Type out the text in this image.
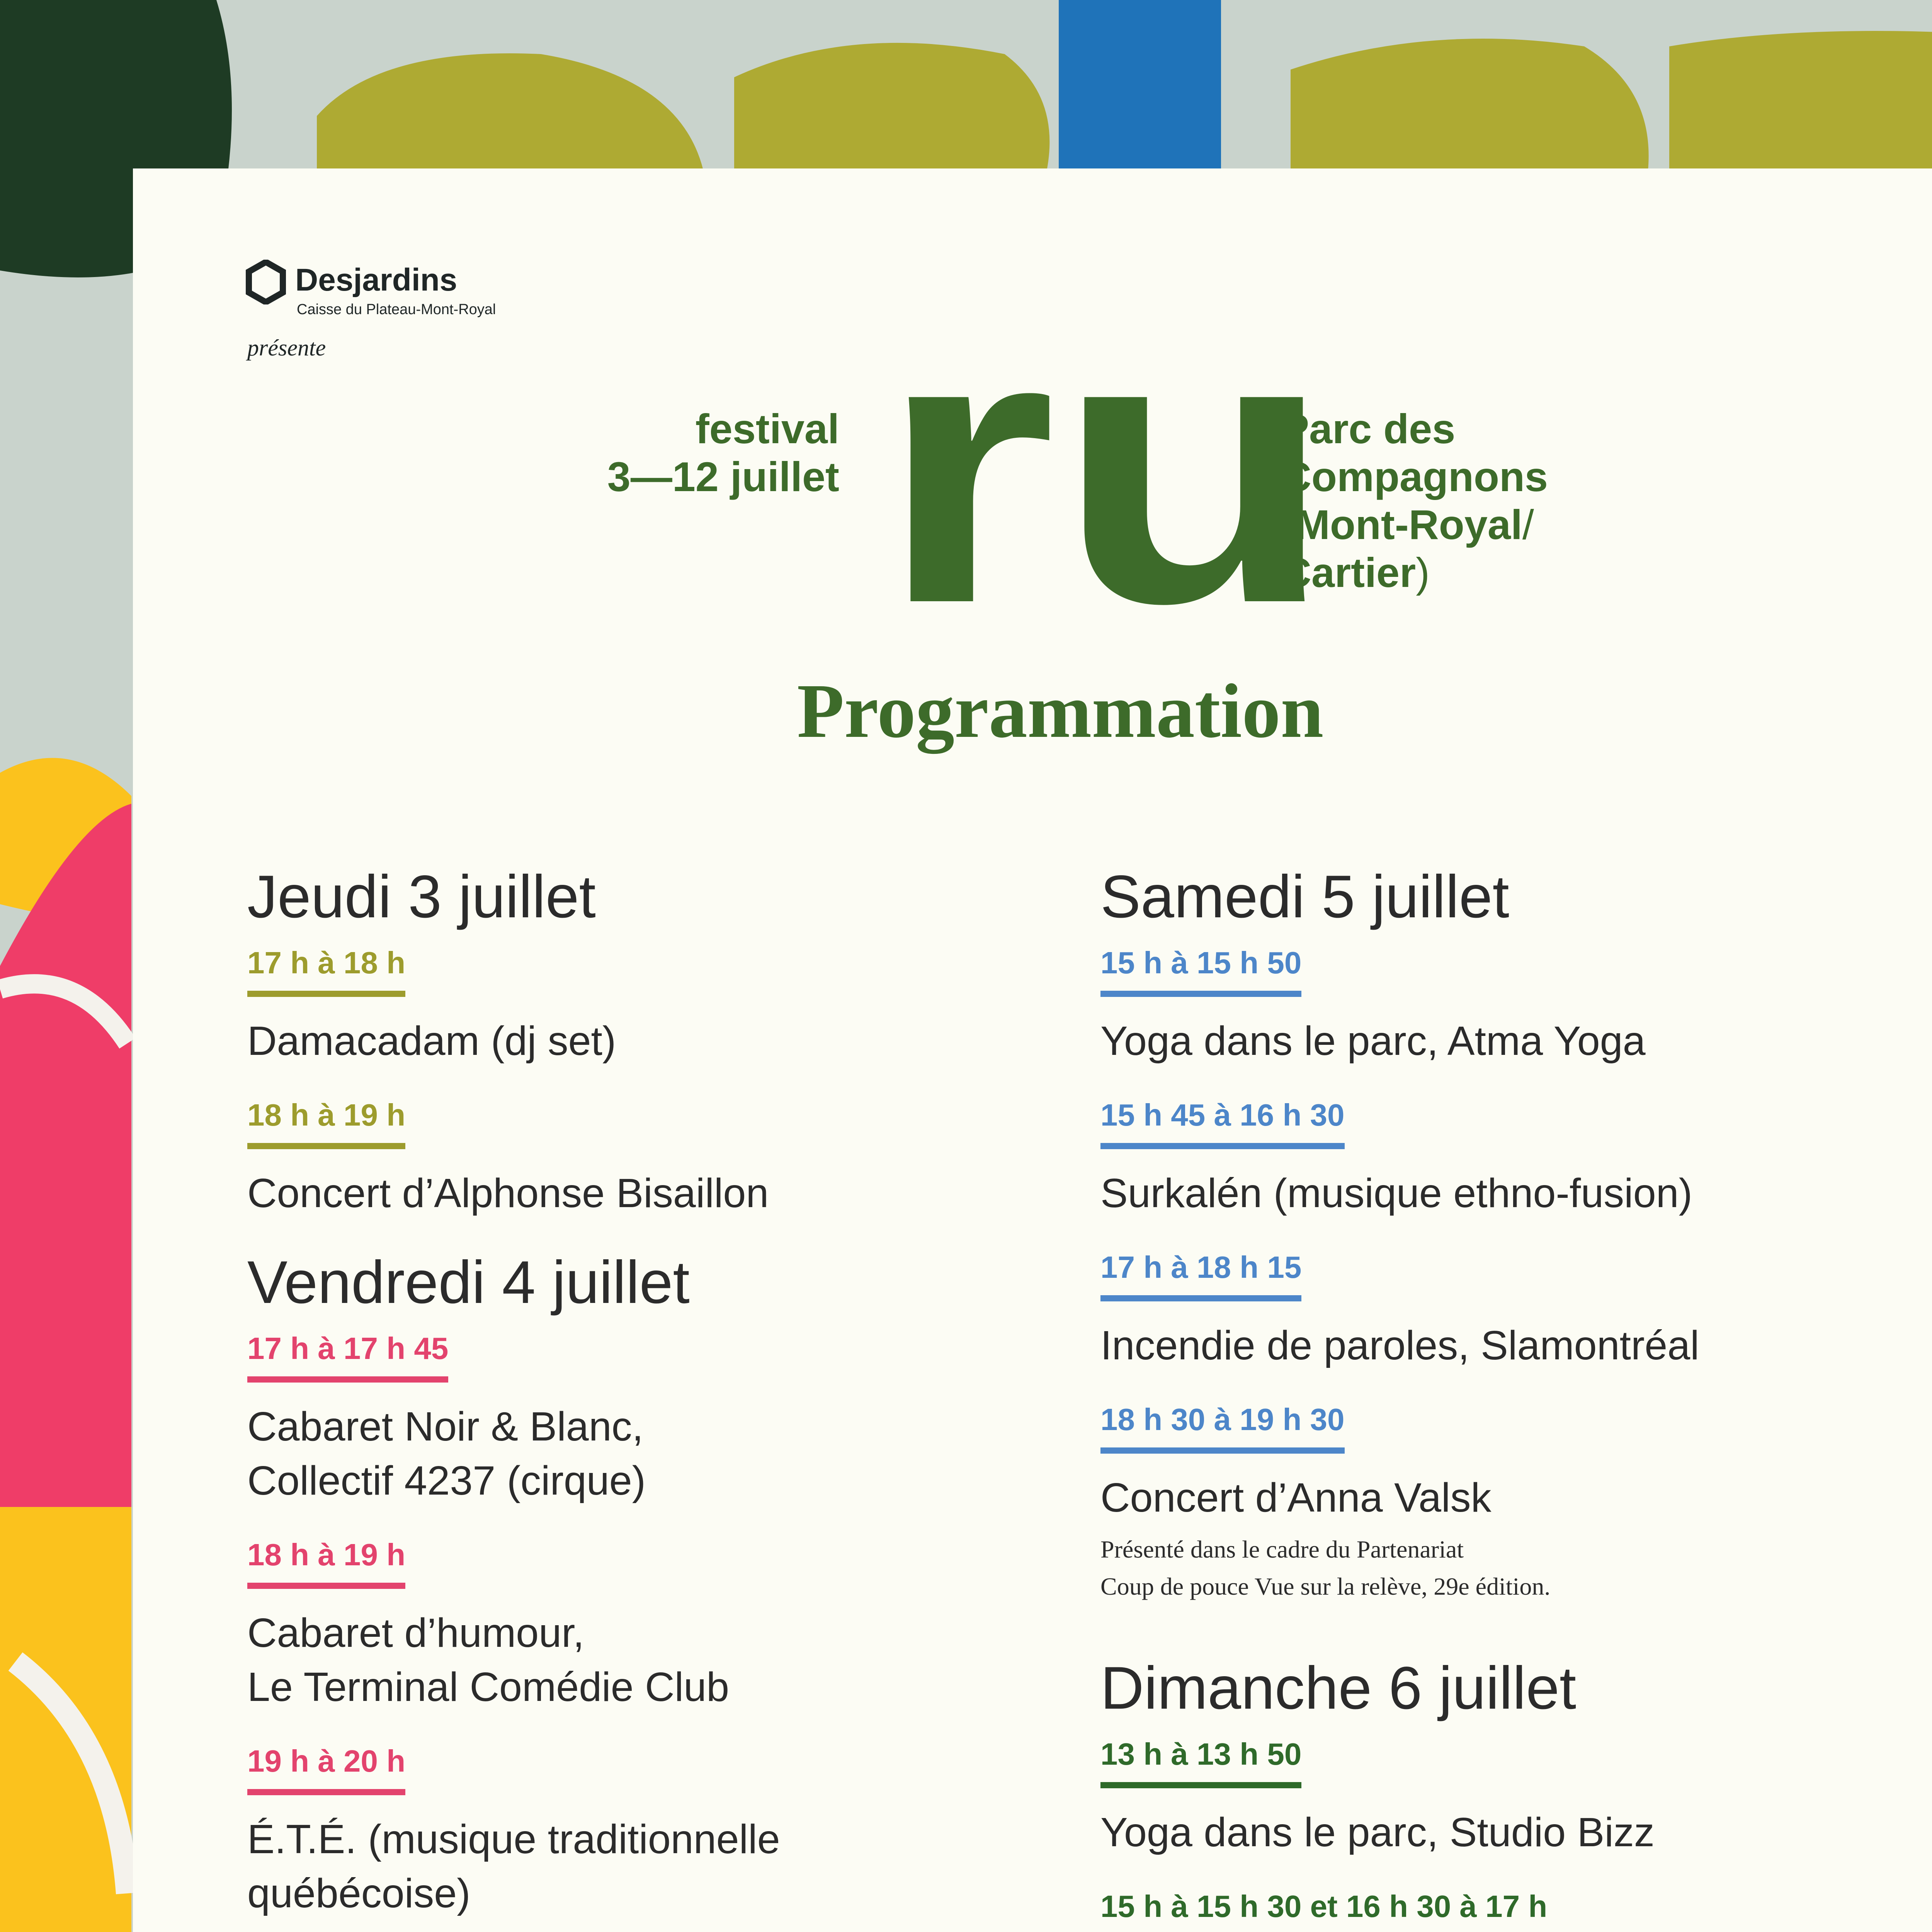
Desjardins
Caisse du Plateau-Mont-Royal
présente
festival
3—12 juillet ru
Parc des
Compagnons
(Mont-Royal/
Cartier)
Programmation
Jeudi 3 juillet
17 h à 18 h
Damacadam (dj set)
18 h à 19 h
Concert d’Alphonse Bisaillon
Vendredi 4 juillet
17 h à 17 h 45
Cabaret Noir & Blanc,
Collectif 4237 (cirque)
18 h à 19 h
Cabaret d’humour,
Le Terminal Comédie Club
19 h à 20 h
É.T.É. (musique traditionnelle
québécoise)
Samedi 5 juillet
15 h à 15 h 50
Yoga dans le parc, Atma Yoga
15 h 45 à 16 h 30
Surkalén (musique ethno-fusion)
17 h à 18 h 15
Incendie de paroles, Slamontréal
18 h 30 à 19 h 30
Concert d’Anna Valsk
Présenté dans le cadre du Partenariat
Coup de pouce Vue sur la relève, 29e édition.
Dimanche 6 juillet
13 h à 13 h 50
Yoga dans le parc, Studio Bizz
15 h à 15 h 30 et 16 h 30 à 17 h
